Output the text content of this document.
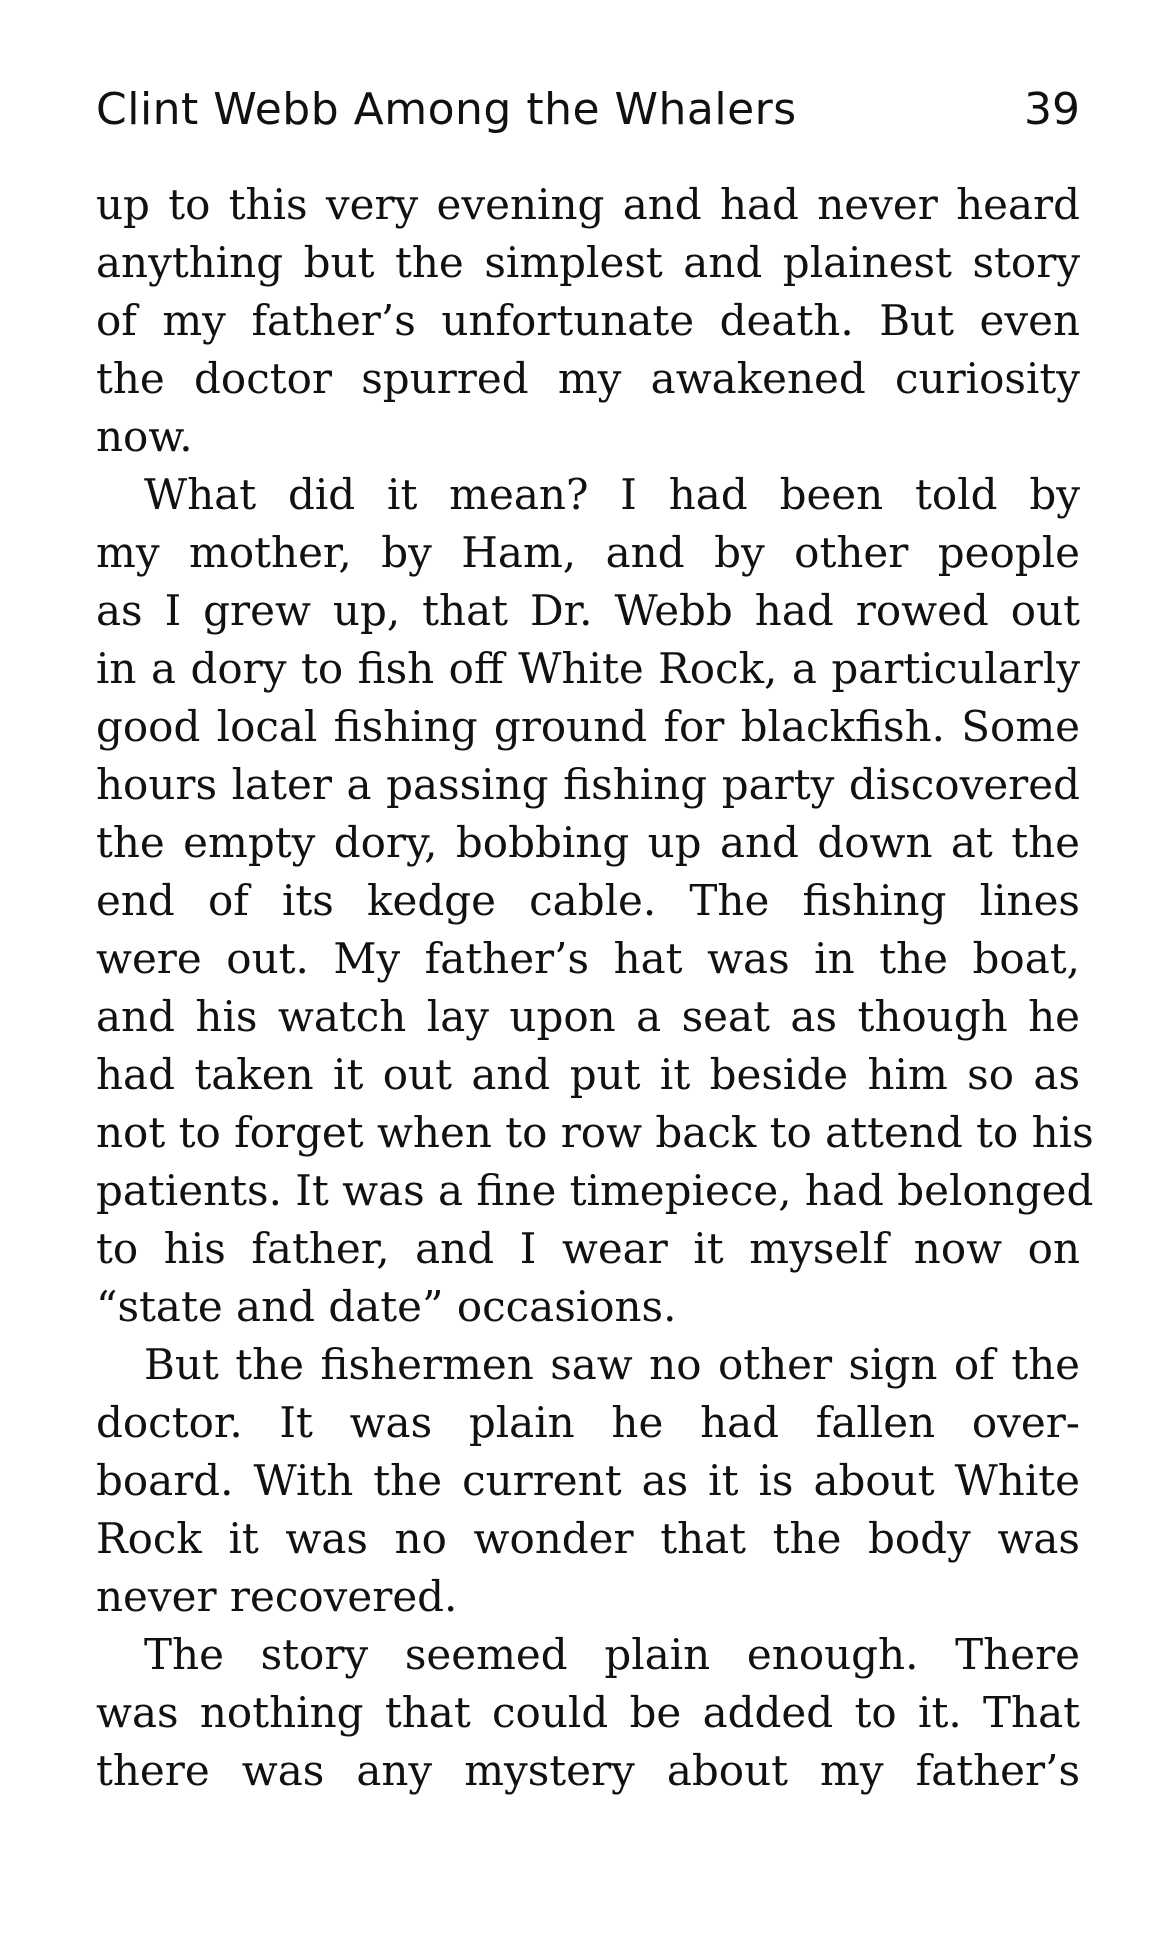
Clint Webb Among the Whalers	39
up to this very evening and had never heard
anything but the simplest and plainest story
of my father’s unfortunate death. But even
the doctor spurred my awakened curiosity
now.
What did it mean? I had been told by
my mother, by Ham, and by other people
as I grew up, that Dr. Webb had rowed out
in a dory to fish off White Rock, a particularly
good local fishing ground for blackfish. Some
hours later a passing fishing party discovered
the empty dory, bobbing up and down at the
end of its kedge cable. The fishing lines
were out. My father’s hat was in the boat,
and his watch lay upon a seat as though he
had taken it out and put it beside him so as
not to forget when to row back to attend to his
patients. It was a fine timepiece, had belonged
to his father, and I wear it myself now on
“state and date” occasions.
But the fishermen saw no other sign of the
doctor. It was plain he had fallen over-
board. With the current as it is about White
Rock it was no wonder that the body was
never recovered.
The story seemed plain enough. There
was nothing that could be added to it. That
there was any mystery about my father’s
